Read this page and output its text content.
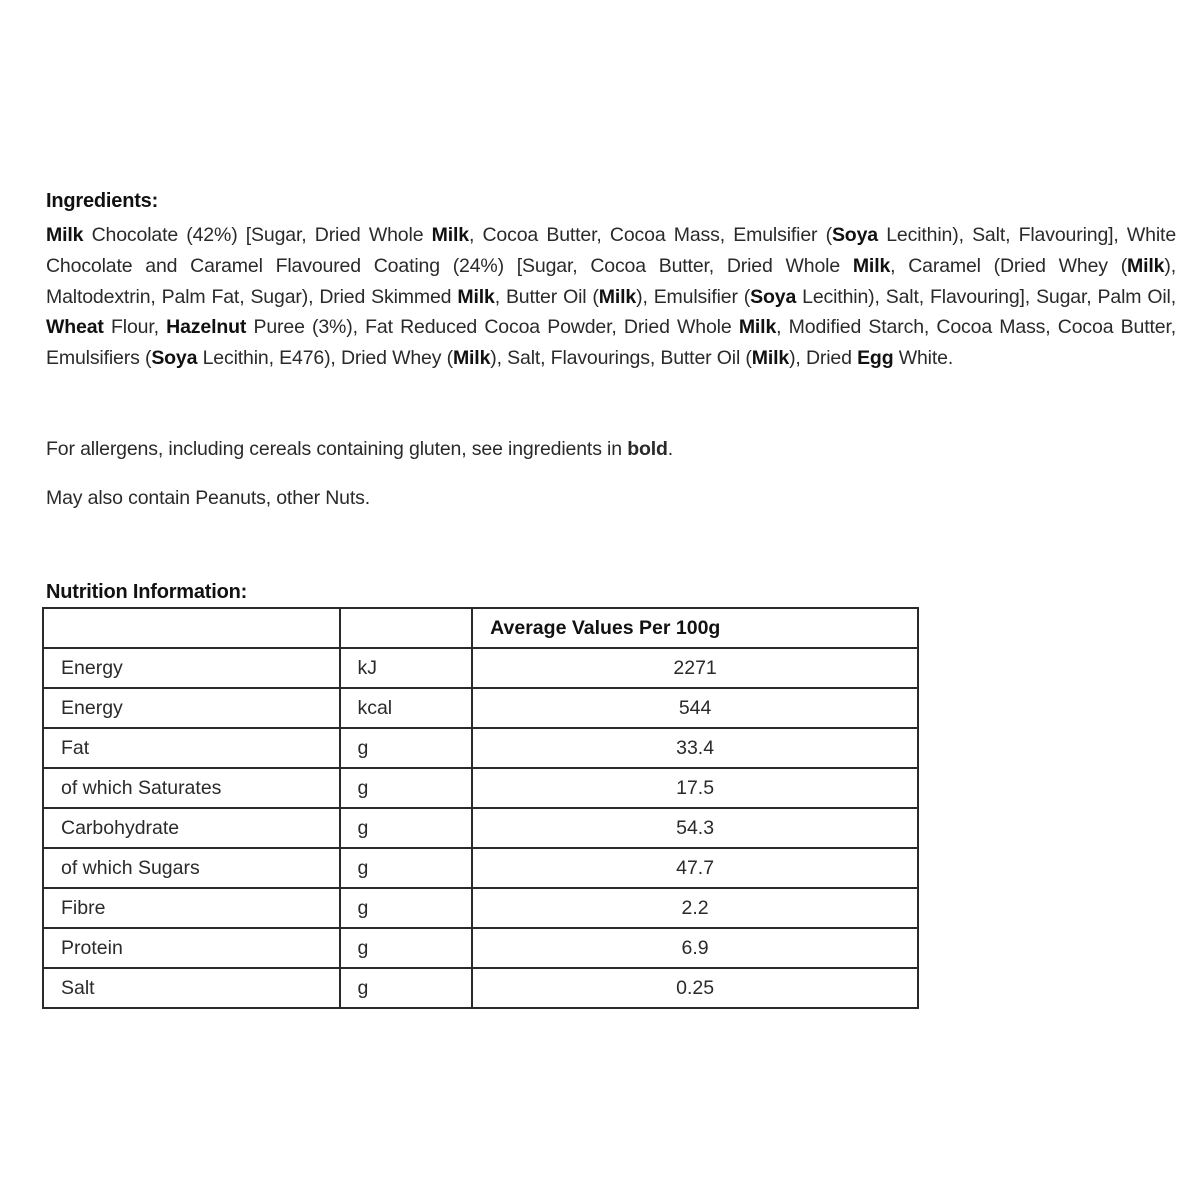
Ingredients:
Milk Chocolate (42%) [Sugar, Dried Whole Milk, Cocoa Butter, Cocoa Mass, Emulsifier (Soya Lecithin), Salt, Flavouring], White Chocolate and Caramel Flavoured Coating (24%) [Sugar, Cocoa Butter, Dried Whole Milk, Caramel (Dried Whey (Milk), Maltodextrin, Palm Fat, Sugar), Dried Skimmed Milk, Butter Oil (Milk), Emulsifier (Soya Lecithin), Salt, Flavouring], Sugar, Palm Oil, Wheat Flour, Hazelnut Puree (3%), Fat Reduced Cocoa Powder, Dried Whole Milk, Modified Starch, Cocoa Mass, Cocoa Butter, Emulsifiers (Soya Lecithin, E476), Dried Whey (Milk), Salt, Flavourings, Butter Oil (Milk), Dried Egg White.
For allergens, including cereals containing gluten, see ingredients in bold.
May also contain Peanuts, other Nuts.
Nutrition Information:
		Average Values Per 100g
Energy	kJ	2271
Energy	kcal	544
Fat	g	33.4
of which Saturates	g	17.5
Carbohydrate	g	54.3
of which Sugars	g	47.7
Fibre	g	2.2
Protein	g	6.9
Salt	g	0.25
